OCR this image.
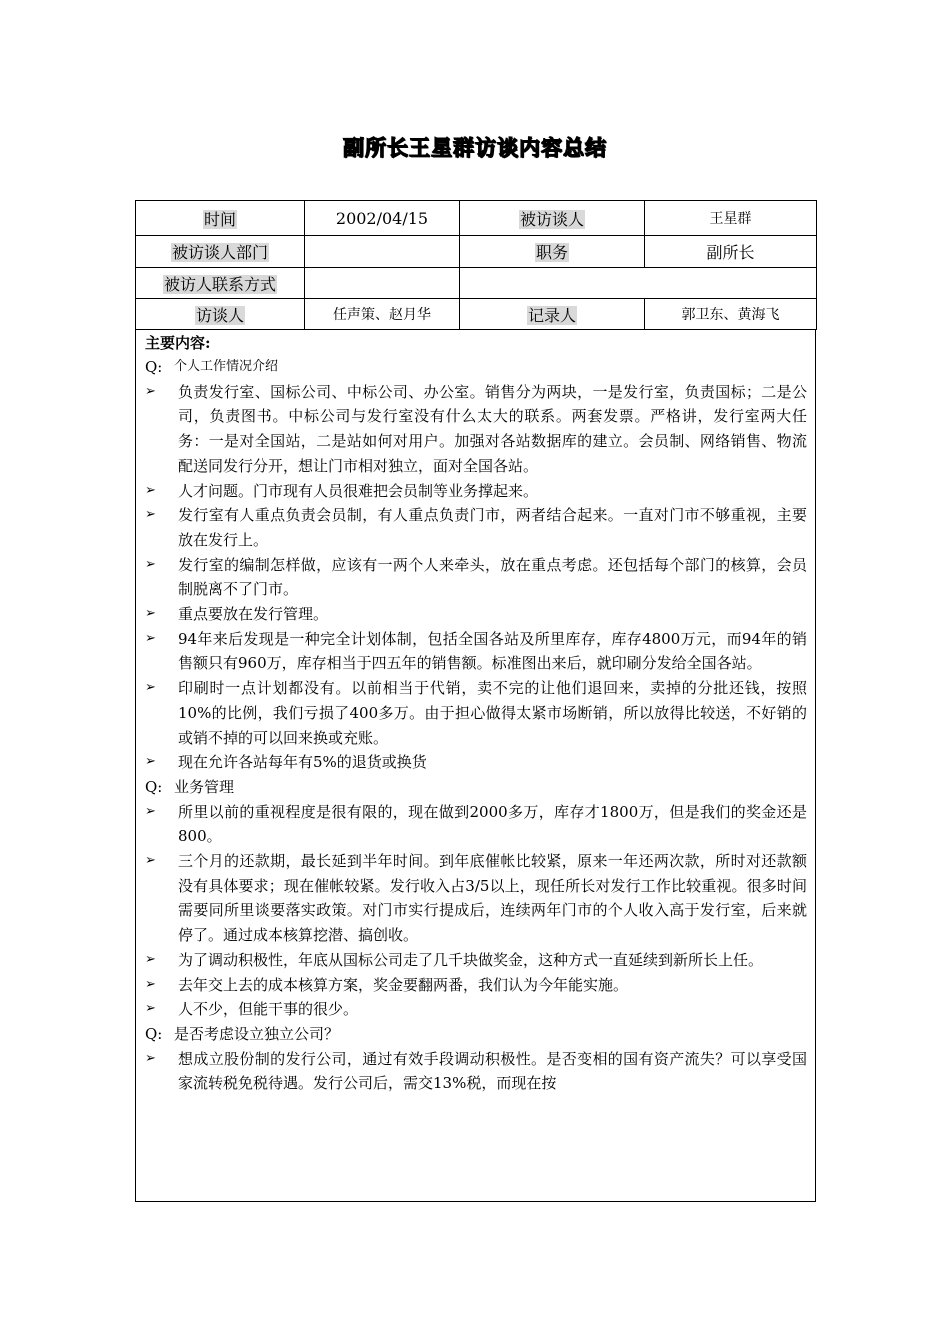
副所长王星群访谈内容总结
时间	2002/04/15	被访谈人	王星群
被访谈人部门		职务	副所长
被访人联系方式			
访谈人	任声策、赵月华	记录人	郭卫东、黄海飞
主要内容:
Q: 个人工作情况介绍
➢	负责发行室、国标公司、中标公司、办公室。销售分为两块，一是发行室，负责国标；二是公司，负责图书。中标公司与发行室没有什么太大的联系。两套发票。严格讲，发行室两大任务：一是对全国站，二是站如何对用户。加强对各站数据库的建立。会员制、网络销售、物流配送同发行分开，想让门市相对独立，面对全国各站。
➢	人才问题。门市现有人员很难把会员制等业务撑起来。
➢	发行室有人重点负责会员制，有人重点负责门市，两者结合起来。一直对门市不够重视，主要放在发行上。
➢	发行室的编制怎样做，应该有一两个人来牵头，放在重点考虑。还包括每个部门的核算，会员制脱离不了门市。
➢	重点要放在发行管理。
➢	94年来后发现是一种完全计划体制，包括全国各站及所里库存，库存4800万元，而94年的销售额只有960万，库存相当于四五年的销售额。标准图出来后，就印刷分发给全国各站。
➢	印刷时一点计划都没有。以前相当于代销，卖不完的让他们退回来，卖掉的分批还钱，按照10%的比例，我们亏损了400多万。由于担心做得太紧市场断销，所以放得比较送，不好销的或销不掉的可以回来换或充账。
➢	现在允许各站每年有5%的退货或换货
Q: 业务管理
➢	所里以前的重视程度是很有限的，现在做到2000多万，库存才1800万，但是我们的奖金还是800。
➢	三个月的还款期，最长延到半年时间。到年底催帐比较紧，原来一年还两次款，所时对还款额没有具体要求；现在催帐较紧。发行收入占3/5以上，现任所长对发行工作比较重视。很多时间需要同所里谈要落实政策。对门市实行提成后，连续两年门市的个人收入高于发行室，后来就停了。通过成本核算挖潜、搞创收。
➢	为了调动积极性，年底从国标公司走了几千块做奖金，这种方式一直延续到新所长上任。
➢	去年交上去的成本核算方案，奖金要翻两番，我们认为今年能实施。
➢	人不少，但能干事的很少。
Q: 是否考虑设立独立公司？
➢	想成立股份制的发行公司，通过有效手段调动积极性。是否变相的国有资产流失？可以享受国家流转税免税待遇。发行公司后，需交13%税，而现在按
